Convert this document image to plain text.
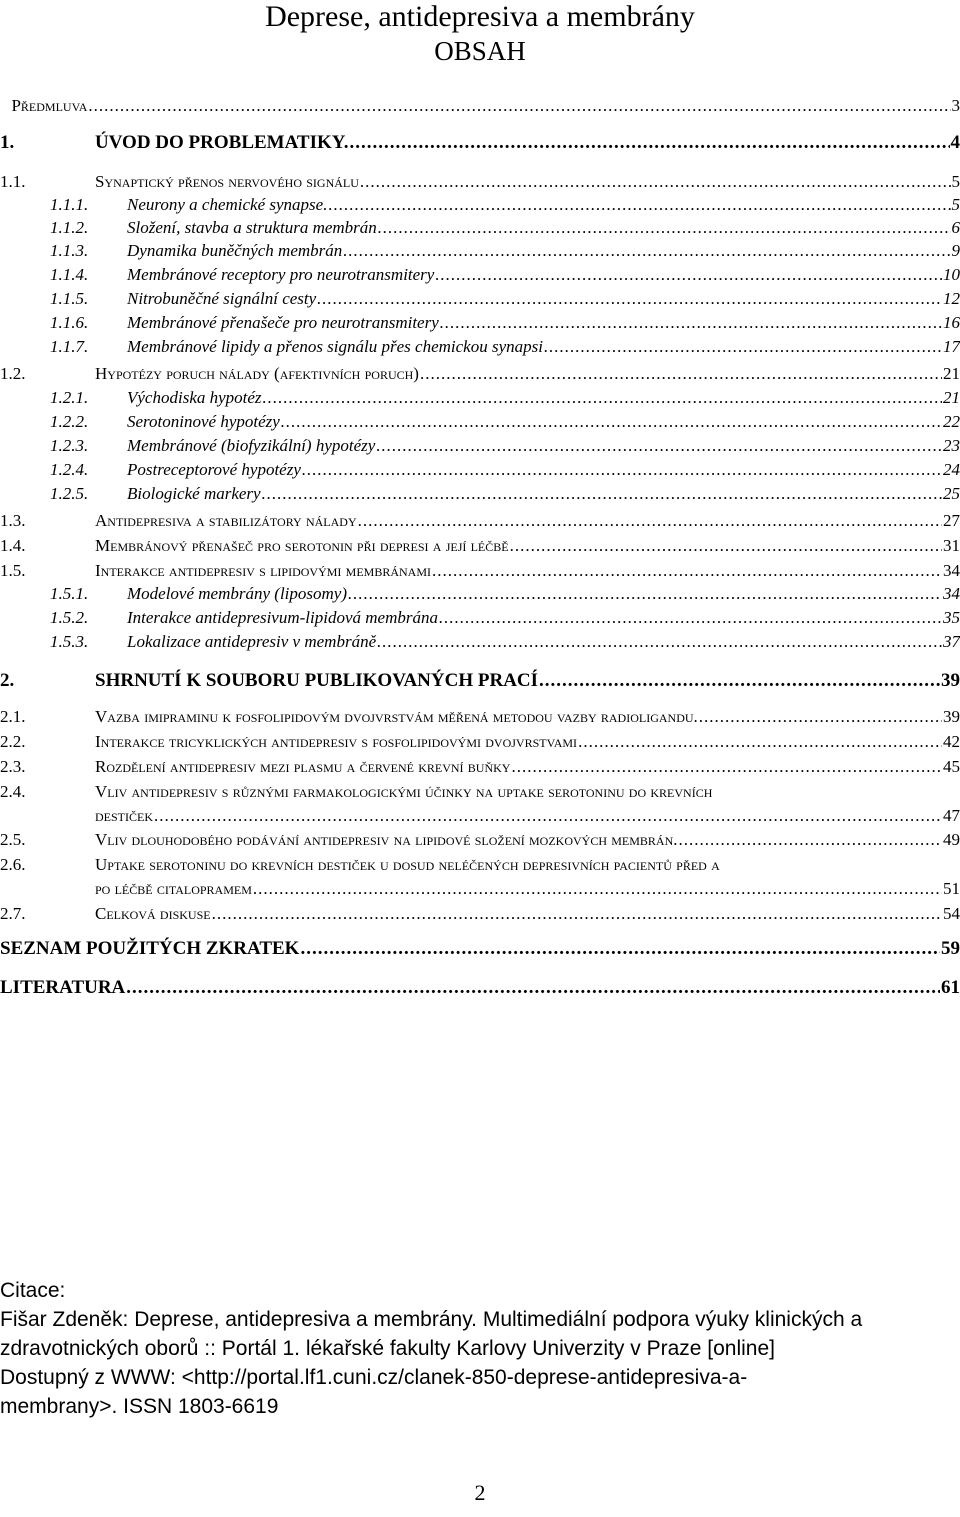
Deprese, antidepresiva a membrány
OBSAH
Předmluva .....	3
1.	ÚVOD DO PROBLEMATIKY. .....	4
1.1.	Synaptický přenos nervového signálu .....	5
1.1.1.	Neurony a chemické synapse. .....	5
1.1.2.	Složení, stavba a struktura membrán .....	6
1.1.3.	Dynamika buněčných membrán .....	9
1.1.4.	Membránové receptory pro neurotransmitery .....	10
1.1.5.	Nitrobuněčné signální cesty .....	12
1.1.6.	Membránové přenašeče pro neurotransmitery .....	16
1.1.7.	Membránové lipidy a přenos signálu přes chemickou synapsi .....	17
1.2.	Hypotézy poruch nálady (afektivních poruch) .....	21
1.2.1.	Východiska hypotéz .....	21
1.2.2.	Serotoninové hypotézy .....	22
1.2.3.	Membránové (biofyzikální) hypotézy .....	23
1.2.4.	Postreceptorové hypotézy .....	24
1.2.5.	Biologické markery .....	25
1.3.	Antidepresiva a stabilizátory nálady .....	27
1.4.	Membránový přenašeč pro serotonin při depresi a její léčbě .....	31
1.5.	Interakce antidepresiv s lipidovými membránami .....	34
1.5.1.	Modelové membrány (liposomy) .....	34
1.5.2.	Interakce antidepresivum-lipidová membrána .....	35
1.5.3.	Lokalizace antidepresiv v membráně .....	37
2.	SHRNUTÍ K SOUBORU PUBLIKOVANÝCH PRACÍ .....	39
2.1.	Vazba imipraminu k fosfolipidovým dvojvrstvám měřená metodou vazby radioligandu. .....	39
2.2.	Interakce tricyklických antidepresiv s fosfolipidovými dvojvrstvami .....	42
2.3.	Rozdělení antidepresiv mezi plasmu a červené krevní buňky .....	45
2.4.	Vliv antidepresiv s různými farmakologickými účinky na uptake serotoninu do krevních
destiček .....	47
2.5.	Vliv dlouhodobého podávání antidepresiv na lipidové složení mozkových membrán. .....	49
2.6.	Uptake serotoninu do krevních destiček u dosud neléčených depresivních pacientů před a
po léčbě citalopramem .....	51
2.7.	Celková diskuse .....	54
SEZNAM POUŽITÝCH ZKRATEK .....	59
LITERATURA .....	61
Citace:
Fišar Zdeněk: Deprese, antidepresiva a membrány. Multimediální podpora výuky klinických a
zdravotnických oborů :: Portál 1. lékařské fakulty Karlovy Univerzity v Praze [online]
Dostupný z WWW: <http://portal.lf1.cuni.cz/clanek-850-deprese-antidepresiva-a-
membrany>. ISSN 1803-6619
2
